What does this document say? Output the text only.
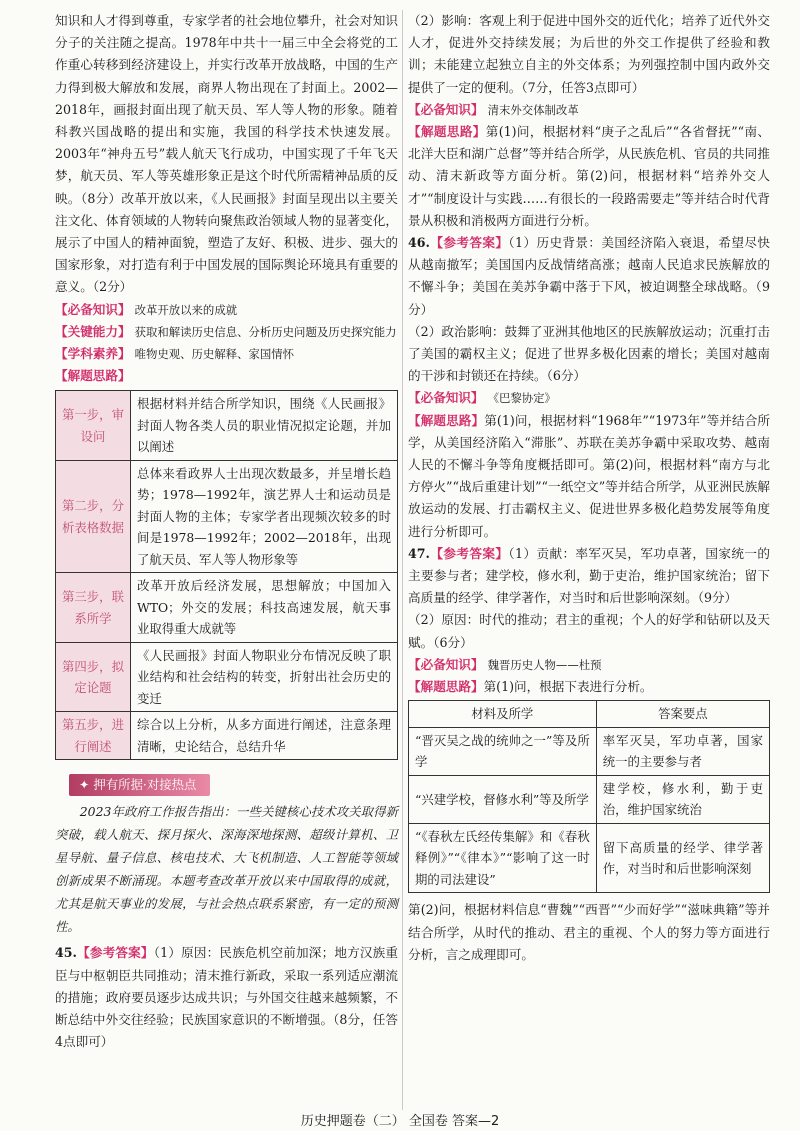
知识和人才得到尊重，专家学者的社会地位攀升，社会对知识分子的关注随之提高。1978年中共十一届三中全会将党的工作重心转移到经济建设上，并实行改革开放战略，中国的生产力得到极大解放和发展，商界人物出现在了封面上。2002—2018年，画报封面出现了航天员、军人等人物的形象。随着科教兴国战略的提出和实施，我国的科学技术快速发展。2003年“神舟五号”载人航天飞行成功，中国实现了千年飞天梦，航天员、军人等英雄形象正是这个时代所需精神品质的反映。（8分）改革开放以来，《人民画报》封面呈现出以主要关注文化、体育领域的人物转向聚焦政治领域人物的显著变化，展示了中国人的精神面貌，塑造了友好、积极、进步、强大的国家形象，对打造有利于中国发展的国际舆论环境具有重要的意义。（2分）

【必备知识】 改革开放以来的成就

【关键能力】 获取和解读历史信息、分析历史问题及历史探究能力

【学科素养】 唯物史观、历史解释、家国情怀

【解题思路】

第一步，审设问	根据材料并结合所学知识，围绕《人民画报》封面人物各类人员的职业情况拟定论题，并加以阐述
第二步，分析表格数据	总体来看政界人士出现次数最多，并呈增长趋势；1978—1992年，演艺界人士和运动员是封面人物的主体；专家学者出现频次较多的时间是1978—1992年；2002—2018年，出现了航天员、军人等人物形象等
第三步，联系所学	改革开放后经济发展，思想解放；中国加入WTO；外交的发展；科技高速发展，航天事业取得重大成就等
第四步，拟定论题	《人民画报》封面人物职业分布情况反映了职业结构和社会结构的转变，折射出社会历史的变迁
第五步，进行阐述	综合以上分析，从多方面进行阐述，注意条理清晰，史论结合，总结升华
✦ 押有所据·对接热点

2023年政府工作报告指出：一些关键核心技术攻关取得新突破，载人航天、探月探火、深海深地探测、超级计算机、卫星导航、量子信息、核电技术、大飞机制造、人工智能等领域创新成果不断涌现。本题考查改革开放以来中国取得的成就，尤其是航天事业的发展，与社会热点联系紧密，有一定的预测性。

45.【参考答案】（1）原因：民族危机空前加深；地方汉族重臣与中枢朝臣共同推动；清末推行新政，采取一系列适应潮流的措施；政府要员逐步达成共识；与外国交往越来越频繁，不断总结中外交往经验；民族国家意识的不断增强。（8分，任答4点即可）

（2）影响：客观上利于促进中国外交的近代化；培养了近代外交人才，促进外交持续发展；为后世的外交工作提供了经验和教训；未能建立起独立自主的外交体系；为列强控制中国内政外交提供了一定的便利。（7分，任答3点即可）

【必备知识】 清末外交体制改革

【解题思路】第(1)问，根据材料“庚子之乱后”“各省督抚”“南、北洋大臣和湖广总督”等并结合所学，从民族危机、官员的共同推动、清末新政等方面分析。第(2)问，根据材料“培养外交人才”“制度设计与实践……有很长的一段路需要走”等并结合时代背景从积极和消极两方面进行分析。

46.【参考答案】（1）历史背景：美国经济陷入衰退，希望尽快从越南撤军；美国国内反战情绪高涨；越南人民追求民族解放的不懈斗争；美国在美苏争霸中落于下风，被迫调整全球战略。（9分）

（2）政治影响：鼓舞了亚洲其他地区的民族解放运动；沉重打击了美国的霸权主义；促进了世界多极化因素的增长；美国对越南的干涉和封锁还在持续。（6分）

【必备知识】 《巴黎协定》

【解题思路】第(1)问，根据材料“1968年”“1973年”等并结合所学，从美国经济陷入“滞胀”、苏联在美苏争霸中采取攻势、越南人民的不懈斗争等角度概括即可。第(2)问，根据材料“南方与北方停火”“战后重建计划”“一纸空文”等并结合所学，从亚洲民族解放运动的发展、打击霸权主义、促进世界多极化趋势发展等角度进行分析即可。

47.【参考答案】（1）贡献：率军灭吴，军功卓著，国家统一的主要参与者；建学校，修水利，勤于吏治，维护国家统治；留下高质量的经学、律学著作，对当时和后世影响深刻。（9分）

（2）原因：时代的推动；君主的重视；个人的好学和钻研以及天赋。（6分）

【必备知识】 魏晋历史人物——杜预

【解题思路】第(1)问，根据下表进行分析。

材料及所学	答案要点
“晋灭吴之战的统帅之一”等及所学	率军灭吴，军功卓著，国家统一的主要参与者
“兴建学校，督修水利”等及所学	建学校，修水利，勤于吏治，维护国家统治
“《春秋左氏经传集解》和《春秋释例》”“《律本》”“影响了这一时期的司法建设”	留下高质量的经学、律学著作，对当时和后世影响深刻

第(2)问，根据材料信息“曹魏”“西晋”“少而好学”“滋味典籍”等并结合所学，从时代的推动、君主的重视、个人的努力等方面进行分析，言之成理即可。

历史押题卷（二） 全国卷 答案—2
